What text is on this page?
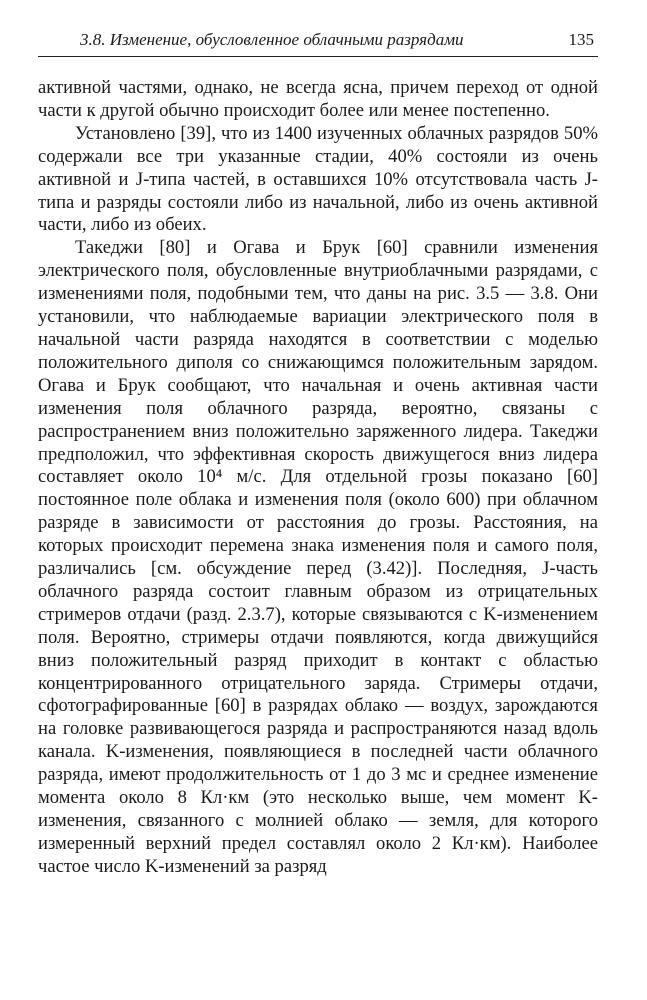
3.8. Изменение, обусловленное облачными разрядами	135

активной частями, однако, не всегда ясна, причем переход от одной части к другой обычно происходит более или менее постепенно.

Установлено [39], что из 1400 изученных облачных разрядов 50% содержали все три указанные стадии, 40% состояли из очень активной и J-типа частей, в оставшихся 10% отсутствовала часть J-типа и разряды состояли либо из начальной, либо из очень активной части, либо из обеих.

Такеджи [80] и Огава и Брук [60] сравнили изменения электрического поля, обусловленные внутриоблачными разрядами, с изменениями поля, подобными тем, что даны на рис. 3.5 — 3.8. Они установили, что наблюдаемые вариации электрического поля в начальной части разряда находятся в соответствии с моделью положительного диполя со снижающимся положительным зарядом. Огава и Брук сообщают, что начальная и очень активная части изменения поля облачного разряда, вероятно, связаны с распространением вниз положительно заряженного лидера. Такеджи предположил, что эффективная скорость движущегося вниз лидера составляет около 10⁴ м/с. Для отдельной грозы показано [60] постоянное поле облака и изменения поля (около 600) при облачном разряде в зависимости от расстояния до грозы. Расстояния, на которых происходит перемена знака изменения поля и самого поля, различались [см. обсуждение перед (3.42)]. Последняя, J-часть облачного разряда состоит главным образом из отрицательных стримеров отдачи (разд. 2.3.7), которые связываются с K-изменением поля. Вероятно, стримеры отдачи появляются, когда движущийся вниз положительный разряд приходит в контакт с областью концентрированного отрицательного заряда. Стримеры отдачи, сфотографированные [60] в разрядах облако — воздух, зарождаются на головке развивающегося разряда и распространяются назад вдоль канала. K-изменения, появляющиеся в последней части облачного разряда, имеют продолжительность от 1 до 3 мс и среднее изменение момента около 8 Кл·км (это несколько выше, чем момент K-изменения, связанного с молнией облако — земля, для которого измеренный верхний предел составлял около 2 Кл·км). Наиболее частое число K-изменений за разряд
